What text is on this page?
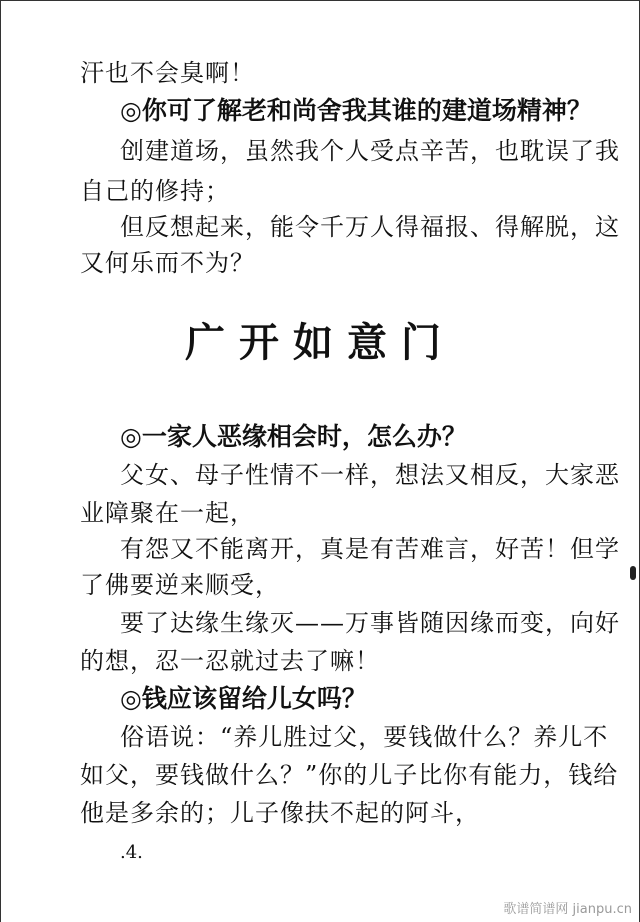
汗也不会臭啊！
◎你可了解老和尚舍我其谁的建道场精神？
创建道场，虽然我个人受点辛苦，也耽误了我
自己的修持；
但反想起来，能令千万人得福报、得解脱，这
又何乐而不为？
广开如意门
◎一家人恶缘相会时，怎么办？
父女、母子性情不一样，想法又相反，大家恶
业障聚在一起，
有怨又不能离开，真是有苦难言，好苦！但学
了佛要逆来顺受，
要了达缘生缘灭——万事皆随因缘而变，向好
的想，忍一忍就过去了嘛！
◎钱应该留给儿女吗？
俗语说：“养儿胜过父，要钱做什么？养儿不
如父，要钱做什么？”你的儿子比你有能力，钱给
他是多余的；儿子像扶不起的阿斗，
.4.
歌谱简谱网 jianpu.cn
